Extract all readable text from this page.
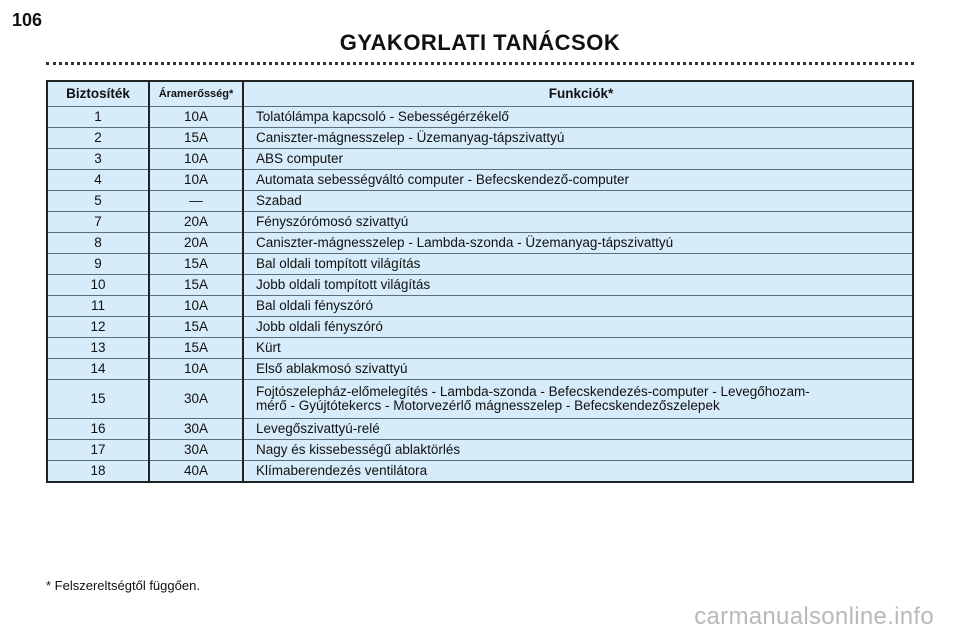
106
GYAKORLATI TANÁCSOK
Biztosíték	Áramerősség*	Funkciók*
1	10A	Tolatólámpa kapcsoló - Sebességérzékelő
2	15A	Caniszter-mágnesszelep - Üzemanyag-tápszivattyú
3	10A	ABS computer
4	10A	Automata sebességváltó computer - Befecskendező-computer
5	—	Szabad
7	20A	Fényszórómosó szivattyú
8	20A	Caniszter-mágnesszelep - Lambda-szonda - Üzemanyag-tápszivattyú
9	15A	Bal oldali tompított világítás
10	15A	Jobb oldali tompított világítás
11	10A	Bal oldali fényszóró
12	15A	Jobb oldali fényszóró
13	15A	Kürt
14	10A	Első ablakmosó szivattyú
15	30A	Fojtószelepház-előmelegítés - Lambda-szonda - Befecskendezés-computer - Levegőhozam-
mérő - Gyújtótekercs - Motorvezérlő mágnesszelep - Befecskendezőszelepek
16	30A	Levegőszivattyú-relé
17	30A	Nagy és kissebességű ablaktörlés
18	40A	Klímaberendezés ventilátora
* Felszereltségtől függően.
carmanualsonline.info
